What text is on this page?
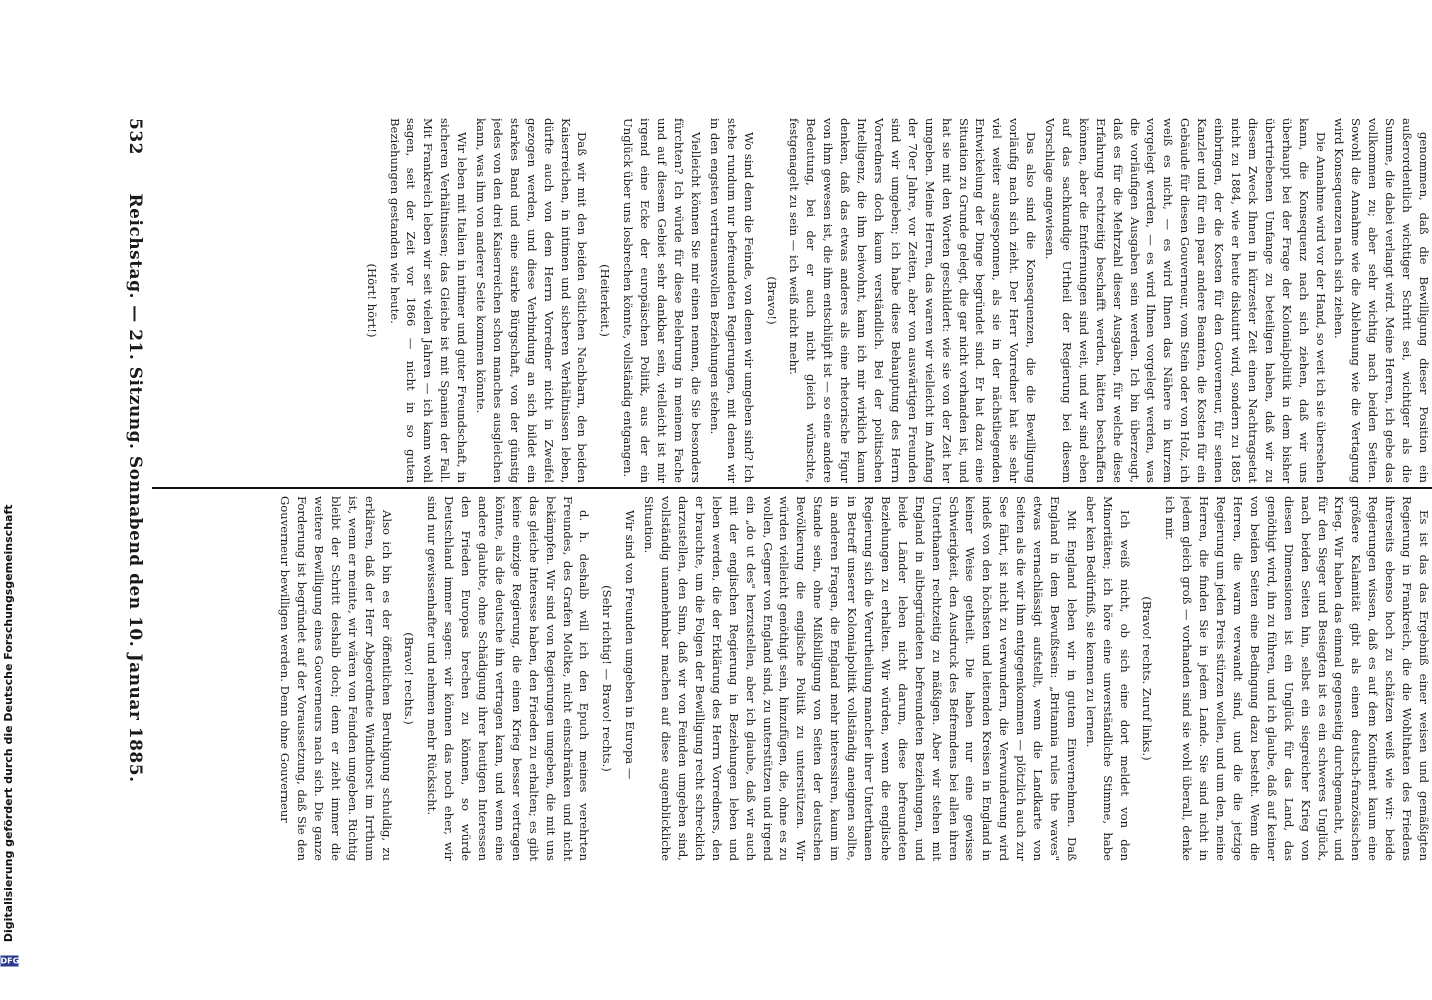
532
Reichstag. — 21. Sitzung. Sonnabend den 10. Januar 1885.	genommen, daß die Bewilligung dieser Position ein außerordentlich wichtiger Schritt sei, wichtiger als die Summe, die dabei verlangt wird. Meine Herren, ich gebe das vollkommen zu; aber sehr wichtig nach beiden Seiten. Sowohl die Annahme wie die Ablehnung wie die Vertagung wird Konsequenzen nach sich ziehen.

Die Annahme wird vor der Hand, so weit ich sie übersehen kann, die Konsequenz nach sich ziehen, daß wir uns überhaupt bei der Frage der Kolonialpolitik in dem bisher übertriebenen Umfange zu beteiligen haben, daß wir zu diesem Zweck Ihnen in kürzester Zeit einen Nachtragsetat nicht zu 1884, wie er heute diskutirt wird, sondern zu 1885 einbringen, der die Kosten für den Gouverneur, für seinen Kanzler und für ein paar andere Beamten, die Kosten für ein Gebäude für diesen Gouverneur, vom Stein oder von Holz, ich weiß es nicht, — es wird Ihnen das Nähere in kurzem vorgelegt werden, — es wird Ihnen vorgelegt werden, was die vorläufigen Ausgaben sein werden. Ich bin überzeugt, daß es für die Mehrzahl dieser Ausgaben, für welche diese Erfahrung rechtzeitig beschafft werden, hätten beschaffen können, aber die Entfernungen sind weit, und wir sind eben auf das sachkundige Urtheil der Regierung bei diesem Vorschlage angewiesen.

Das also sind die Konsequenzen, die die Bewilligung vorläufig nach sich zieht. Der Herr Vorredner hat sie sehr viel weiter ausgesponnen, als sie in der nächstliegenden Entwickelung der Dinge begründet sind. Er hat dazu eine Situation zu Grunde gelegt, die gar nicht vorhanden ist, und hat sie mit den Worten geschildert: wie sie von der Zeit her umgeben. Meine Herren, das waren wir vielleicht im Anfang der 70er Jahre, vor Zeiten, aber von auswärtigen Freunden sind wir umgeben; ich habe diese Behauptung des Herrn Vorredners doch kaum verständlich. Bei der politischen Intelligenz, die ihm beiwohnt, kann ich mir wirklich kaum denken, daß das etwas anderes als eine rhetorische Figur von ihm gewesen ist, die ihm entschlüpft ist — so eine andere Bedeutung, bei der er auch nicht gleich wünschte, festgenagelt zu sein — ich weiß nicht mehr.

(Bravo!)

Wo sind denn die Feinde, von denen wir umgeben sind? Ich stehe rundum nur befreundeten Regierungen, mit denen wir in den engsten vertrauensvollen Beziehungen stehen.

Vielleicht können Sie mir einen nennen, die Sie besonders fürchten? Ich würde für diese Belehrung in meinem Fache und auf diesem Gebiet sehr dankbar sein, vielleicht ist mir irgend eine Ecke der europäischen Politik, aus der ein Unglück über uns losbrechen könnte, vollständig entgangen.

(Heiterkeit.)

Daß wir mit den beiden östlichen Nachbarn, den beiden Kaiserreichen, in intimen und sicheren Verhältnissen leben, dürfte auch von dem Herrn Vorredner nicht in Zweifel gezogen werden, und diese Verbindung an sich bildet ein starkes Band und eine starke Bürgschaft, von der günstig jedes von den drei Kaiserreichen schon manches ausgleichen kann, was ihm von anderer Seite kommen könnte.

Wir leben mit Italien in intimer und guter Freundschaft, in sicheren Verhältnissen; das Gleiche ist mit Spanien der Fall. Mit Frankreich leben wir seit vielen Jahren — ich kann wohl sagen, seit der Zeit vor 1866 — nicht in so guten Beziehungen gestanden wie heute.

(Hört! hört!)

Es ist das das Ergebniß einer weisen und gemäßigten Regierung in Frankreich, die die Wohlthaten des Friedens ihrerseits ebenso hoch zu schätzen weiß wie wir: beide Regierungen wissen, daß es auf dem Kontinent kaum eine größere Kalamität gibt als einen deutsch-französischen Krieg. Wir haben das einmal gegenseitig durchgemacht, und für den Sieger und Besiegten ist es ein schweres Unglück, nach beiden Seiten hin, selbst ein siegreicher Krieg von diesen Dimensionen ist ein Unglück für das Land, das genöthigt wird, ihn zu führen, und ich glaube, daß auf keiner von beiden Seiten eine Bedingung dazu besteht. Wenn die Herren, die warm verwandt sind, und die die jetzige Regierung um jeden Preis stürzen wollen, und um den, meine Herren, die finden Sie in jedem Lande. Sie sind nicht in jedem gleich groß — vorhanden sind sie wohl überall, denke ich mir.

(Bravo! rechts. Zuruf links.)

Ich weiß nicht, ob sich eine dort meldet von den Minoritäten; ich höre eine unverständliche Stimme, habe aber kein Bedürfniß, sie kennen zu lernen.

Mit England leben wir in gutem Einvernehmen. Daß England in dem Bewußtsein: „Britannia rules the waves" etwas vernachlässigt aufstellt, wenn die Landkarte von Seiten als die wir ihm entgegenkommen — plötzlich auch zur See fährt, ist nicht zu verwundern, die Verwunderung wird indeß von den höchsten und leitenden Kreisen in England in keiner Weise getheilt. Die haben nur eine gewisse Schwierigkeit, den Ausdruck des Befremdens bei allen ihren Unterthanen rechtzeitig zu mäßigen. Aber wir stehen mit England in altbegründeten befreundeten Beziehungen, und beide Länder leben nicht darum, diese befreundeten Beziehungen zu erhalten. Wir würden, wenn die englische Regierung sich die Verurtheilung mancher ihrer Unterthanen in Betreff unserer Kolonialpolitik vollständig aneignen sollte, in anderen Fragen, die England mehr interessiren, kaum im Stande sein, ohne Mißbilligung von Seiten der deutschen Bevölkerung die englische Politik zu unterstützen. Wir würden vielleicht genöthigt sein, hinzufügen, die, ohne es zu wollen, Gegner von England sind, zu unterstützen und irgend ein „do ut des" herzustellen, aber ich glaube, daß wir auch mit der englischen Regierung in Beziehungen leben und leben werden, die der Erklärung des Herrn Vorredners, den er brauchte, um die Folgen der Bewilligung recht schrecklich darzustellen, den Sinn, daß wir von Feinden umgeben sind, vollständig unannehmbar machen auf diese augenblickliche Situation.

Wir sind von Freunden umgeben in Europa —

(Sehr richtig! — Bravo! rechts.)

d. h. deshalb will ich den Epuch meines verehrten Freundes, des Grafen Moltke, nicht einschränken und nicht bekämpfen. Wir sind von Regierungen umgeben, die mit uns das gleiche Interesse haben, den Frieden zu erhalten; es gibt keine einzige Regierung, die einen Krieg besser vertragen könnte, als die deutsche ihn vertragen kann, und wenn eine andere glaubte, ohne Schädigung ihrer heutigen Interessen den Frieden Europas brechen zu können, so würde Deutschland immer sagen: wir können das noch eher, wir sind nur gewissenhafter und nehmen mehr Rücksicht.

(Bravo! rechts.)

Also ich bin es der öffentlichen Beruhigung schuldig, zu erklären, daß der Herr Abgeordnete Windthorst im Irrthum ist, wenn er meinte, wir wären von Feinden umgeben. Richtig bleibt der Schritt deshalb doch; denn er zieht immer die weitere Bewilligung eines Gouverneurs nach sich. Die ganze Forderung ist begründet auf der Voraussetzung, daß Sie den Gouverneur bewilligen werden. Denn ohne Gouverneur

DFG Digitalisierung gefördert durch die Deutsche Forschungsgemeinschaft
